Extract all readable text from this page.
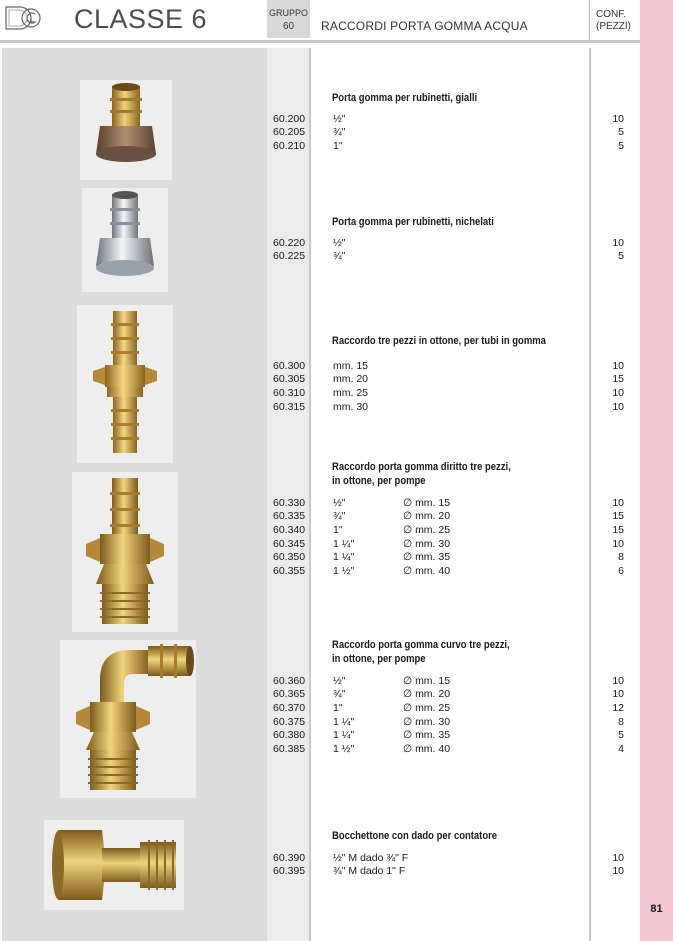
CLASSE 6	GRUPPO
60	RACCORDI PORTA GOMMA ACQUA
CONF.
(PEZZI)
Porta gomma per rubinetti, gialli
60.200	½"	10
60.205	¾"	5
60.210	1"	5
Porta gomma per rubinetti, nichelati
60.220	½"	10
60.225	¾"	5
Raccordo tre pezzi in ottone, per tubi in gomma
60.300	mm. 15	10
60.305	mm. 20	15
60.310	mm. 25	10
60.315	mm. 30	10
Raccordo porta gomma diritto tre pezzi,
in ottone, per pompe
60.330	½"	∅ mm. 15	10
60.335	¾"	∅ mm. 20	15
60.340	1"	∅ mm. 25	15
60.345	1 ¼"	∅ mm. 30	10
60.350	1 ¼"	∅ mm. 35	8
60.355	1 ½"	∅ mm. 40	6
Raccordo porta gomma curvo tre pezzi,
in ottone, per pompe
60.360	½"	∅ mm. 15	10
60.365	¾"	∅ mm. 20	10
60.370	1"	∅ mm. 25	12
60.375	1 ¼"	∅ mm. 30	8
60.380	1 ¼"	∅ mm. 35	5
60.385	1 ½"	∅ mm. 40	4
Bocchettone con dado per contatore
60.390	½" M dado ¾" F	10
60.395	¾" M dado 1" F	10
81
